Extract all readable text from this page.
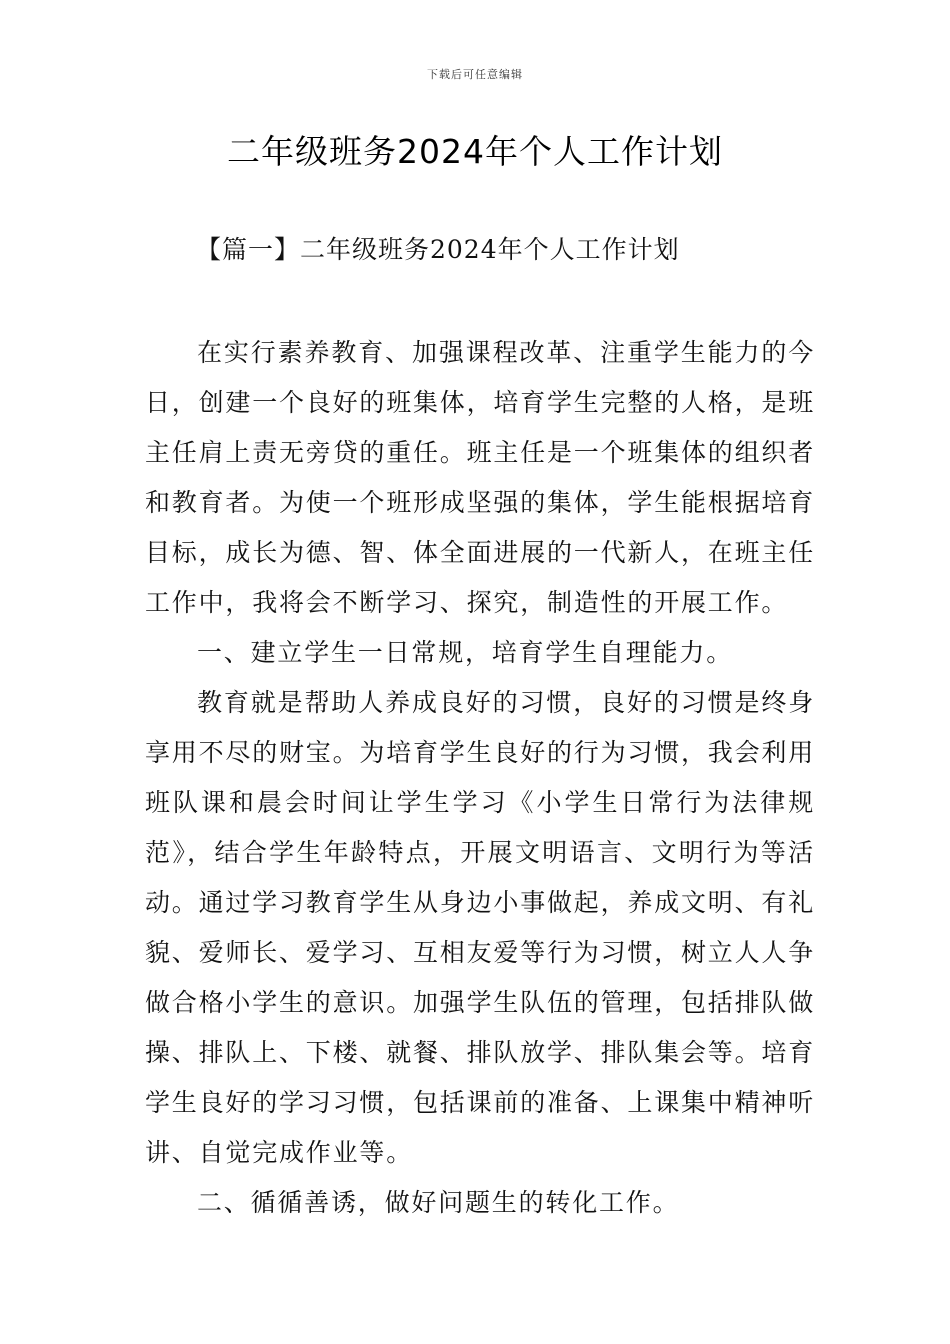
下载后可任意编辑
二年级班务2024年个人工作计划
【篇一】二年级班务2024年个人工作计划

在实行素养教育、加强课程改革、注重学生能力的今日，创建一个良好的班集体，培育学生完整的人格，是班主任肩上责无旁贷的重任。班主任是一个班集体的组织者和教育者。为使一个班形成坚强的集体，学生能根据培育目标，成长为德、智、体全面进展的一代新人，在班主任工作中，我将会不断学习、探究，制造性的开展工作。

一、建立学生一日常规，培育学生自理能力。

教育就是帮助人养成良好的习惯，良好的习惯是终身享用不尽的财宝。为培育学生良好的行为习惯，我会利用班队课和晨会时间让学生学习《小学生日常行为法律规范》，结合学生年龄特点，开展文明语言、文明行为等活动。通过学习教育学生从身边小事做起，养成文明、有礼貌、爱师长、爱学习、互相友爱等行为习惯，树立人人争做合格小学生的意识。加强学生队伍的管理，包括排队做操、排队上、下楼、就餐、排队放学、排队集会等。培育学生良好的学习习惯，包括课前的准备、上课集中精神听讲、自觉完成作业等。

二、循循善诱，做好问题生的转化工作。
